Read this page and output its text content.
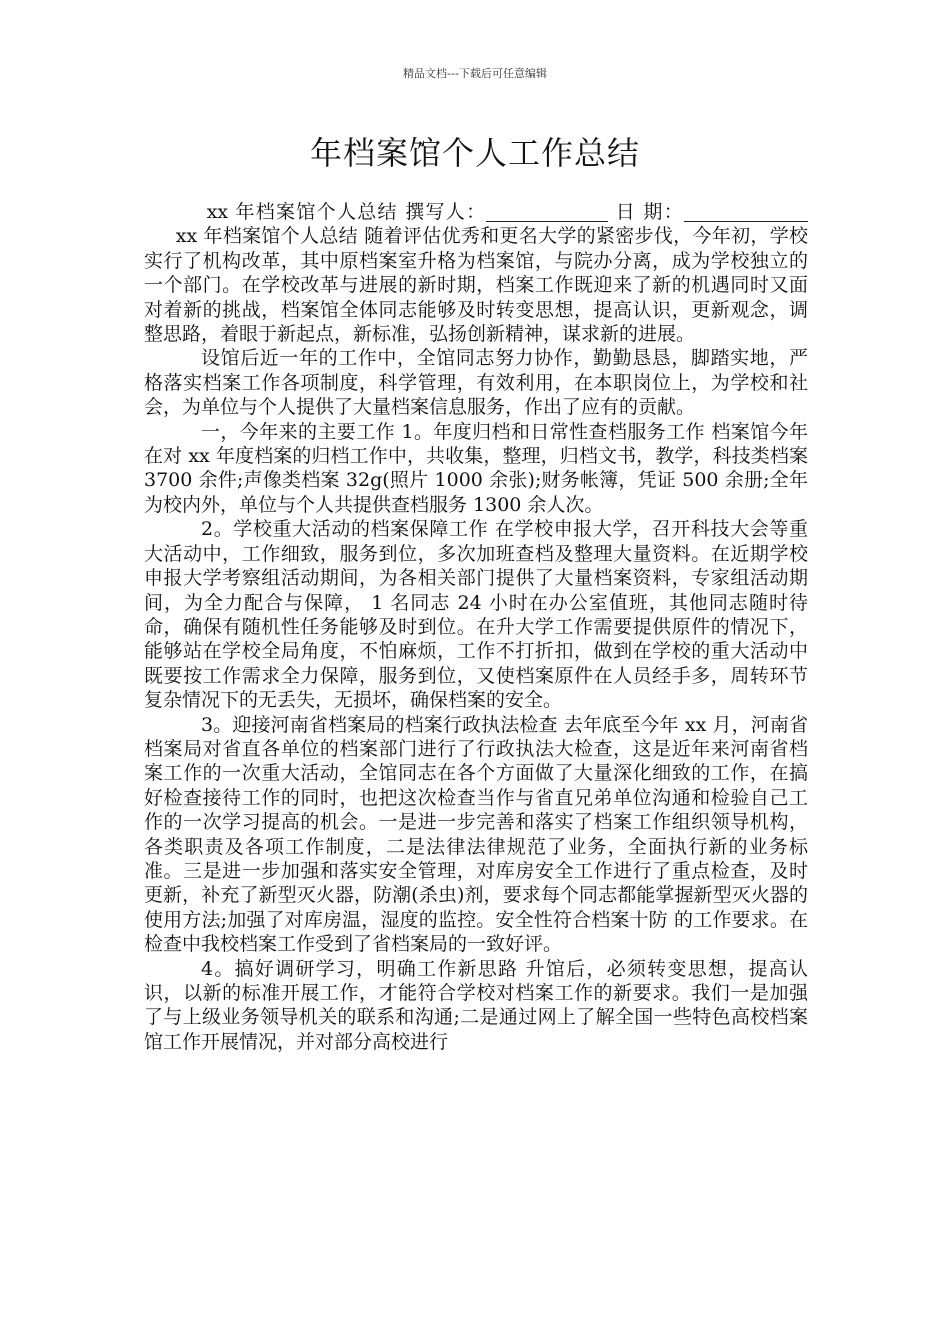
精品文档---下载后可任意编辑
年档案馆个人工作总结

xx 年档案馆个人总结 撰写人：	日 期：     xx 年档案馆个人总结 随着评估优秀和更名大学的紧密步伐，今年初，学校实行了机构改革，其中原档案室升格为档案馆，与院办分离，成为学校独立的一个部门。在学校改革与进展的新时期，档案工作既迎来了新的机遇同时又面对着新的挑战，档案馆全体同志能够及时转变思想，提高认识，更新观念，调整思路，着眼于新起点，新标准，弘扬创新精神，谋求新的进展。

设馆后近一年的工作中，全馆同志努力协作，勤勤恳恳，脚踏实地，严格落实档案工作各项制度，科学管理，有效利用，在本职岗位上，为学校和社会，为单位与个人提供了大量档案信息服务，作出了应有的贡献。

一，今年来的主要工作 1。年度归档和日常性查档服务工作 档案馆今年在对 xx 年度档案的归档工作中，共收集，整理，归档文书，教学，科技类档案 3700 余件;声像类档案 32g(照片 1000 余张);财务帐簿，凭证 500 余册;全年为校内外，单位与个人共提供查档服务 1300 余人次。

2。学校重大活动的档案保障工作 在学校申报大学，召开科技大会等重大活动中，工作细致，服务到位，多次加班查档及整理大量资料。在近期学校申报大学考察组活动期间，为各相关部门提供了大量档案资料，专家组活动期间，为全力配合与保障， 1 名同志 24 小时在办公室值班，其他同志随时待命，确保有随机性任务能够及时到位。在升大学工作需要提供原件的情况下，能够站在学校全局角度，不怕麻烦，工作不打折扣，做到在学校的重大活动中既要按工作需求全力保障，服务到位，又使档案原件在人员经手多，周转环节复杂情况下的无丢失，无损坏，确保档案的安全。

3。迎接河南省档案局的档案行政执法检查 去年底至今年 xx 月，河南省档案局对省直各单位的档案部门进行了行政执法大检查，这是近年来河南省档案工作的一次重大活动，全馆同志在各个方面做了大量深化细致的工作，在搞好检查接待工作的同时，也把这次检查当作与省直兄弟单位沟通和检验自己工作的一次学习提高的机会。一是进一步完善和落实了档案工作组织领导机构，各类职责及各项工作制度，二是法律法律规范了业务，全面执行新的业务标准。三是进一步加强和落实安全管理，对库房安全工作进行了重点检查，及时更新，补充了新型灭火器，防潮(杀虫)剂，要求每个同志都能掌握新型灭火器的使用方法;加强了对库房温，湿度的监控。安全性符合档案十防 的工作要求。在检查中我校档案工作受到了省档案局的一致好评。

4。搞好调研学习，明确工作新思路 升馆后，必须转变思想，提高认识，以新的标准开展工作，才能符合学校对档案工作的新要求。我们一是加强了与上级业务领导机关的联系和沟通;二是通过网上了解全国一些特色高校档案馆工作开展情况，并对部分高校进行
